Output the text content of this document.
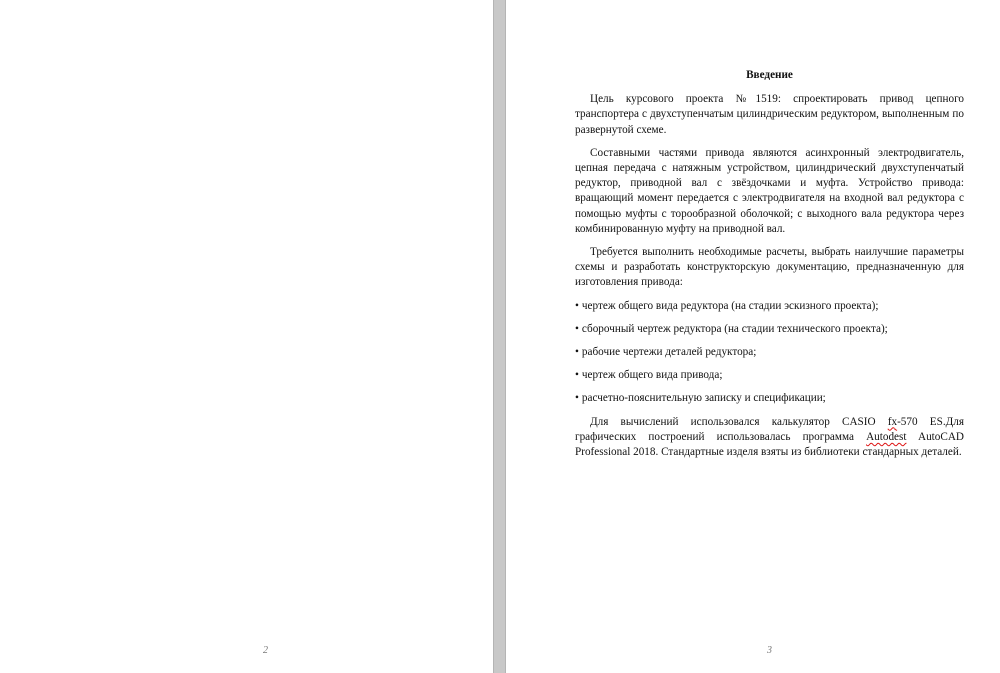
2

Введение

Цель курсового проекта №1519: спроектировать привод цепного транспортера с двухступенчатым цилиндрическим редуктором, выполненным по развернутой схеме.

Составными частями привода являются асинхронный электродвигатель, цепная передача с натяжным устройством, цилиндрический двухступенчатый редуктор, приводной вал с звёздочками и муфта. Устройство привода: вращающий момент передается с электродвигателя на входной вал редуктора с помощью муфты с торообразной оболочкой; с выходного вала редуктора через комбинированную муфту на приводной вал.

Требуется выполнить необходимые расчеты, выбрать наилучшие параметры схемы и разработать конструкторскую документацию, предназначенную для изготовления привода:

• чертеж общего вида редуктора (на стадии эскизного проекта);

• сборочный чертеж редуктора (на стадии технического проекта);

• рабочие чертежи деталей редуктора;

• чертеж общего вида привода;

• расчетно-пояснительную записку и спецификации;

Для вычислений использовался калькулятор CASIO fx-570 ES.Для графических построений использовалась программа Autodest AutoCAD Professional 2018. Стандартные изделя взяты из библиотеки стандарных деталей.

3
